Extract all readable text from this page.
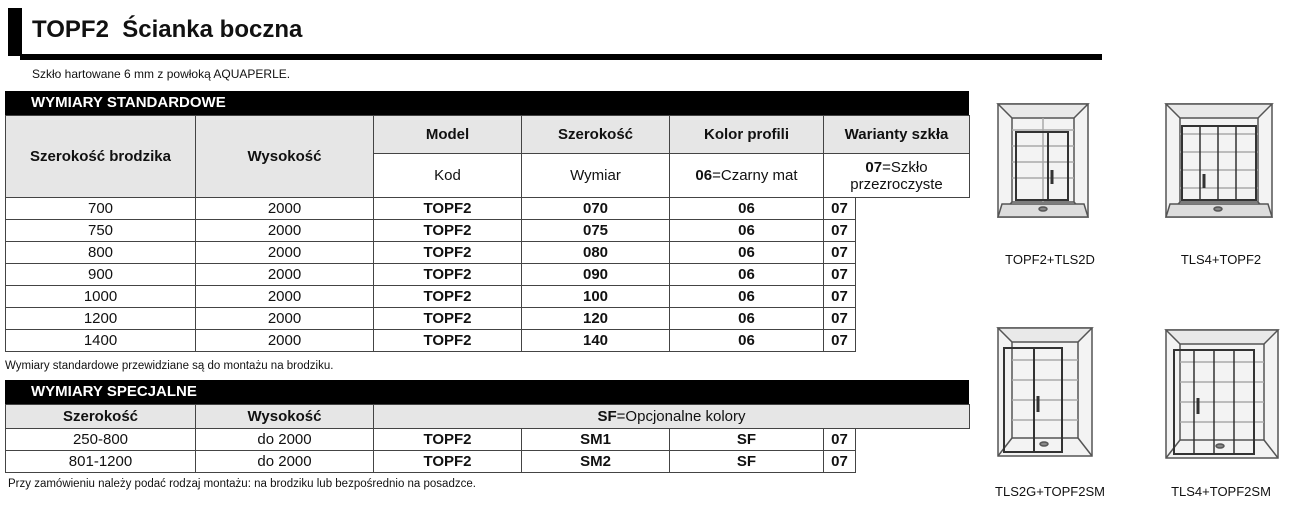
TOPF2 Ścianka boczna
Szkło hartowane 6 mm z powłoką AQUAPERLE.
WYMIARY STANDARDOWE
Szerokość brodzika	Wysokość	Model	Szerokość	Kolor profili	Warianty szkła
		Kod	Wymiar	06=Czarny mat	07=Szkło przezroczyste
700	2000	TOPF2	070	06	07
750	2000	TOPF2	075	06	07
800	2000	TOPF2	080	06	07
900	2000	TOPF2	090	06	07
1000	2000	TOPF2	100	06	07
1200	2000	TOPF2	120	06	07
1400	2000	TOPF2	140	06	07
Wymiary standardowe przewidziane są do montażu na brodziku.
WYMIARY SPECJALNE
Szerokość	Wysokość	SF=Opcjonalne kolory
250-800	do 2000	TOPF2	SM1	SF	07
801-1200	do 2000	TOPF2	SM2	SF	07
Przy zamówieniu należy podać rodzaj montażu: na brodziku lub bezpośrednio na posadzce.
TOPF2+TLS2D	TLS4+TOPF2
TLS2G+TOPF2SM	TLS4+TOPF2SM
